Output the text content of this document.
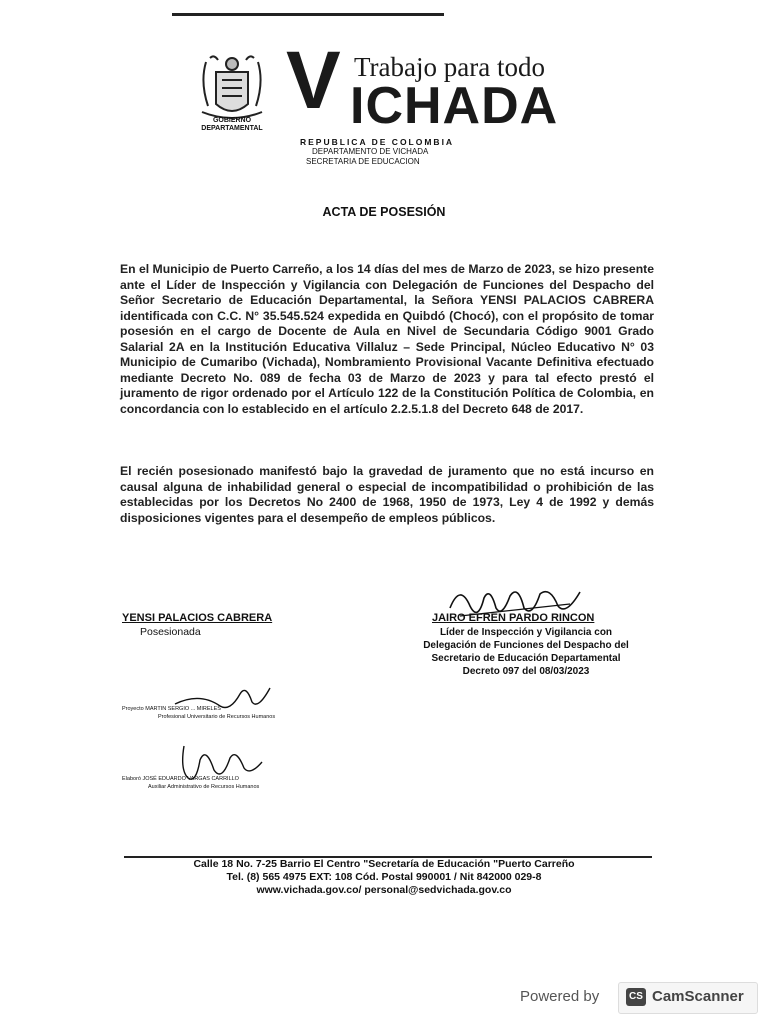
GOBIERNO
DEPARTAMENTAL
V Trabajo para todo
ICHADA
REPUBLICA DE COLOMBIA
DEPARTAMENTO DE VICHADA
SECRETARIA DE EDUCACION
ACTA DE POSESIÓN
En el Municipio de Puerto Carreño, a los 14 días del mes de Marzo de 2023, se hizo presente ante el Líder de Inspección y Vigilancia con Delegación de Funciones del Despacho del Señor Secretario de Educación Departamental, la Señora YENSI PALACIOS CABRERA identificada con C.C. N° 35.545.524 expedida en Quibdó (Chocó), con el propósito de tomar posesión en el cargo de Docente de Aula en Nivel de Secundaria Código 9001 Grado Salarial 2A en la Institución Educativa Villaluz – Sede Principal, Núcleo Educativo N° 03 Municipio de Cumaribo (Vichada), Nombramiento Provisional Vacante Definitiva efectuado mediante Decreto No. 089 de fecha 03 de Marzo de 2023 y para tal efecto prestó el juramento de rigor ordenado por el Artículo 122 de la Constitución Política de Colombia, en concordancia con lo establecido en el artículo 2.2.5.1.8 del Decreto 648 de 2017.
El recién posesionado manifestó bajo la gravedad de juramento que no está incurso en causal alguna de inhabilidad general o especial de incompatibilidad o prohibición de las establecidas por los Decretos No 2400 de 1968, 1950 de 1973, Ley 4 de 1992 y demás disposiciones vigentes para el desempeño de empleos públicos.
YENSI PALACIOS CABRERA
Posesionada
JAIRO EFREN PARDO RINCON
Líder de Inspección y Vigilancia con
Delegación de Funciones del Despacho del
Secretario de Educación Departamental
Decreto 097 del 08/03/2023
Proyecto MARTIN SERGIO ... MIRELES
Profesional Universitario de Recursos Humanos
Elaboró JOSÉ EDUARDO VARGAS CARRILLO
Auxiliar Administrativo de Recursos Humanos
Calle 18 No. 7-25 Barrio El Centro "Secretaría de Educación "Puerto Carreño
Tel. (8) 565 4975 EXT: 108 Cód. Postal 990001 / Nit 842000 029-8
www.vichada.gov.co/ personal@sedvichada.gov.co
Powered by	CS CamScanner
